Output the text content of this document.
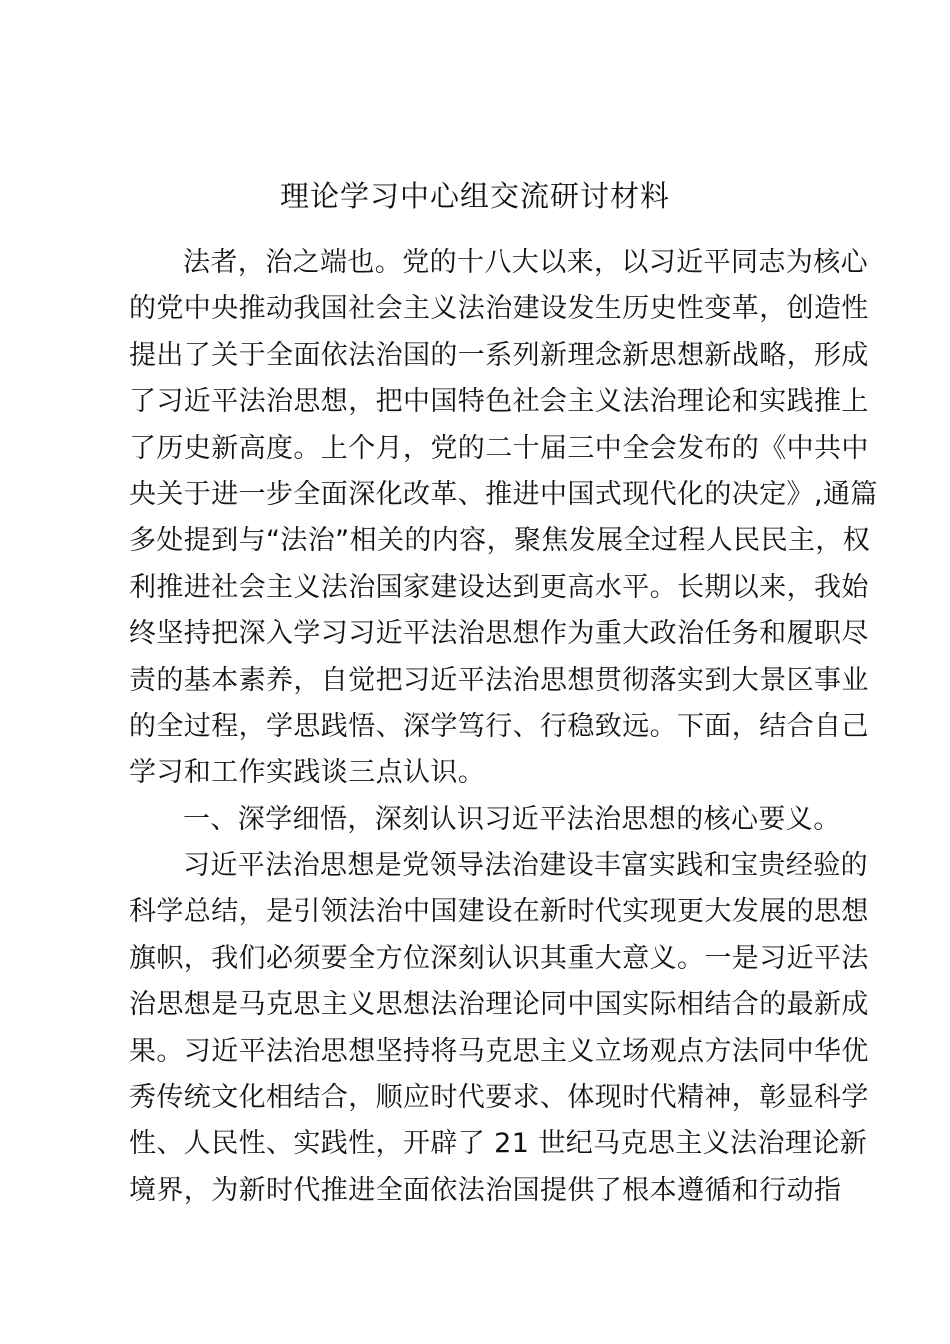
理论学习中心组交流研讨材料
法者，治之端也。党的十八大以来，以习近平同志为核心
的党中央推动我国社会主义法治建设发生历史性变革，创造性
提出了关于全面依法治国的一系列新理念新思想新战略，形成
了习近平法治思想，把中国特色社会主义法治理论和实践推上
了历史新高度。上个月，党的二十届三中全会发布的《中共中
央关于进一步全面深化改革、推进中国式现代化的决定》,通篇
多处提到与“法治”相关的内容，聚焦发展全过程人民民主，权
利推进社会主义法治国家建设达到更高水平。长期以来，我始
终坚持把深入学习习近平法治思想作为重大政治任务和履职尽
责的基本素养，自觉把习近平法治思想贯彻落实到大景区事业
的全过程，学思践悟、深学笃行、行稳致远。下面，结合自己
学习和工作实践谈三点认识。
一、深学细悟，深刻认识习近平法治思想的核心要义。
习近平法治思想是党领导法治建设丰富实践和宝贵经验的
科学总结，是引领法治中国建设在新时代实现更大发展的思想
旗帜，我们必须要全方位深刻认识其重大意义。一是习近平法
治思想是马克思主义思想法治理论同中国实际相结合的最新成
果。习近平法治思想坚持将马克思主义立场观点方法同中华优
秀传统文化相结合，顺应时代要求、体现时代精神，彰显科学
性、人民性、实践性，开辟了 21 世纪马克思主义法治理论新
境界，为新时代推进全面依法治国提供了根本遵循和行动指
